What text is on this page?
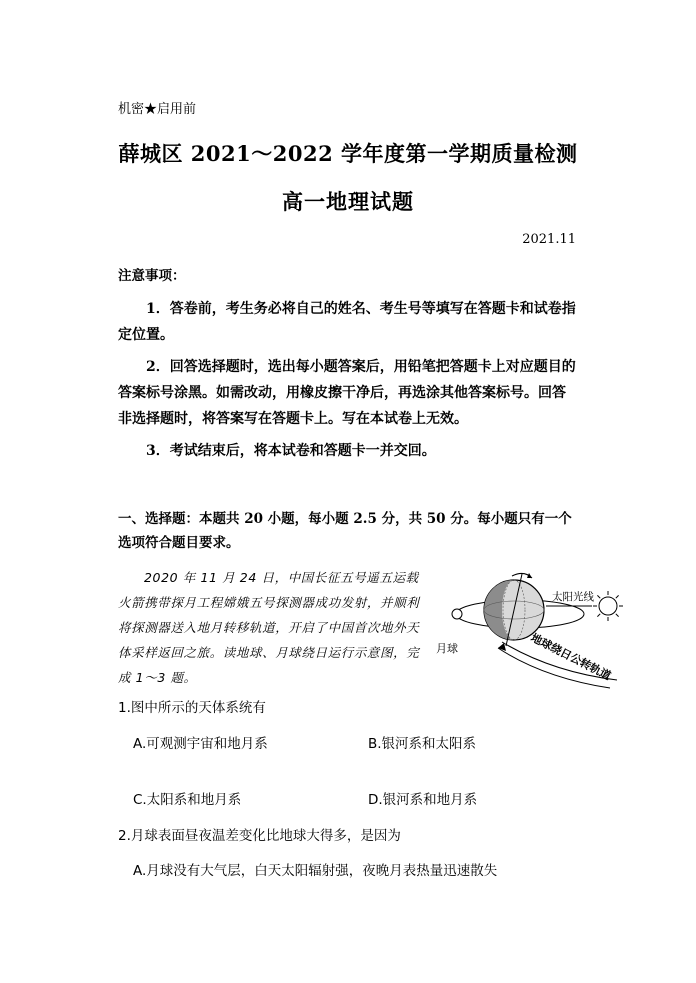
机密★启用前
薛城区 2021～2022 学年度第一学期质量检测
高一地理试题
2021.11
注意事项：
1．答卷前，考生务必将自己的姓名、考生号等填写在答题卡和试卷指定位置。
2．回答选择题时，选出每小题答案后，用铅笔把答题卡上对应题目的答案标号涂黑。如需改动，用橡皮擦干净后，再选涂其他答案标号。回答非选择题时，将答案写在答题卡上。写在本试卷上无效。
3．考试结束后，将本试卷和答题卡一并交回。
一、选择题：本题共 20 小题，每小题 2.5 分，共 50 分。每小题只有一个选项符合题目要求。
2020 年 11 月 24 日，中国长征五号遥五运载火箭携带探月工程嫦娥五号探测器成功发射，并顺利将探测器送入地月转移轨道，开启了中国首次地外天体采样返回之旅。读地球、月球绕日运行示意图，完成 1～3 题。
月球
太阳光线
地球绕日公转轨道
1.图中所示的天体系统有
A.可观测宇宙和地月系	B.银河系和太阳系
C.太阳系和地月系	D.银河系和地月系
2.月球表面昼夜温差变化比地球大得多，是因为
A.月球没有大气层，白天太阳辐射强，夜晚月表热量迅速散失
